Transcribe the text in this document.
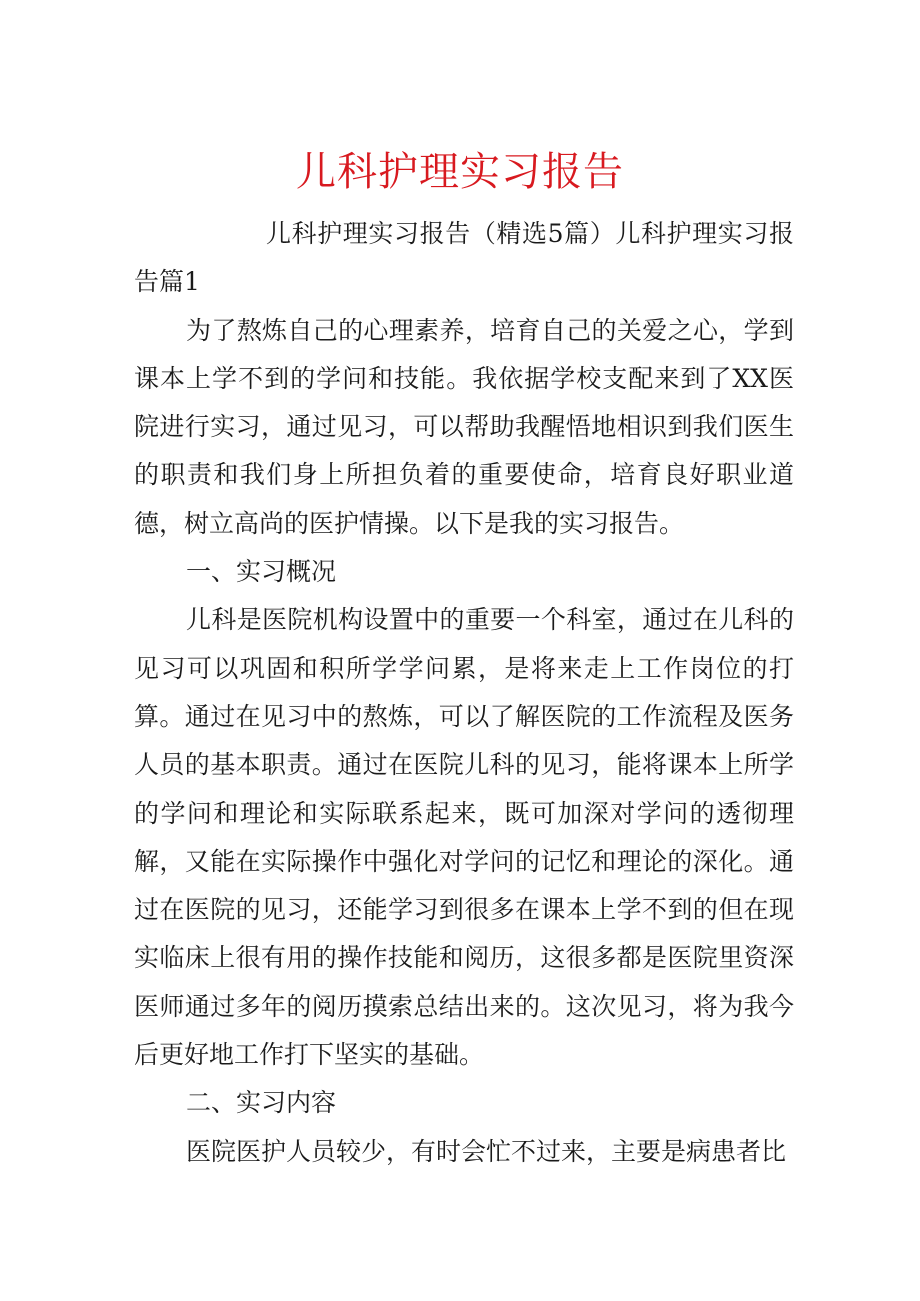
儿科护理实习报告

儿科护理实习报告（精选5篇）儿科护理实习报告篇1

为了熬炼自己的心理素养，培育自己的关爱之心，学到课本上学不到的学问和技能。我依据学校支配来到了XX医院进行实习，通过见习，可以帮助我醒悟地相识到我们医生的职责和我们身上所担负着的重要使命，培育良好职业道德，树立高尚的医护情操。以下是我的实习报告。

一、实习概况

儿科是医院机构设置中的重要一个科室，通过在儿科的见习可以巩固和积所学学问累，是将来走上工作岗位的打算。通过在见习中的熬炼，可以了解医院的工作流程及医务人员的基本职责。通过在医院儿科的见习，能将课本上所学的学问和理论和实际联系起来，既可加深对学问的透彻理解，又能在实际操作中强化对学问的记忆和理论的深化。通过在医院的见习，还能学习到很多在课本上学不到的但在现实临床上很有用的操作技能和阅历，这很多都是医院里资深医师通过多年的阅历摸索总结出来的。这次见习，将为我今后更好地工作打下坚实的基础。

二、实习内容

医院医护人员较少，有时会忙不过来，主要是病患者比
